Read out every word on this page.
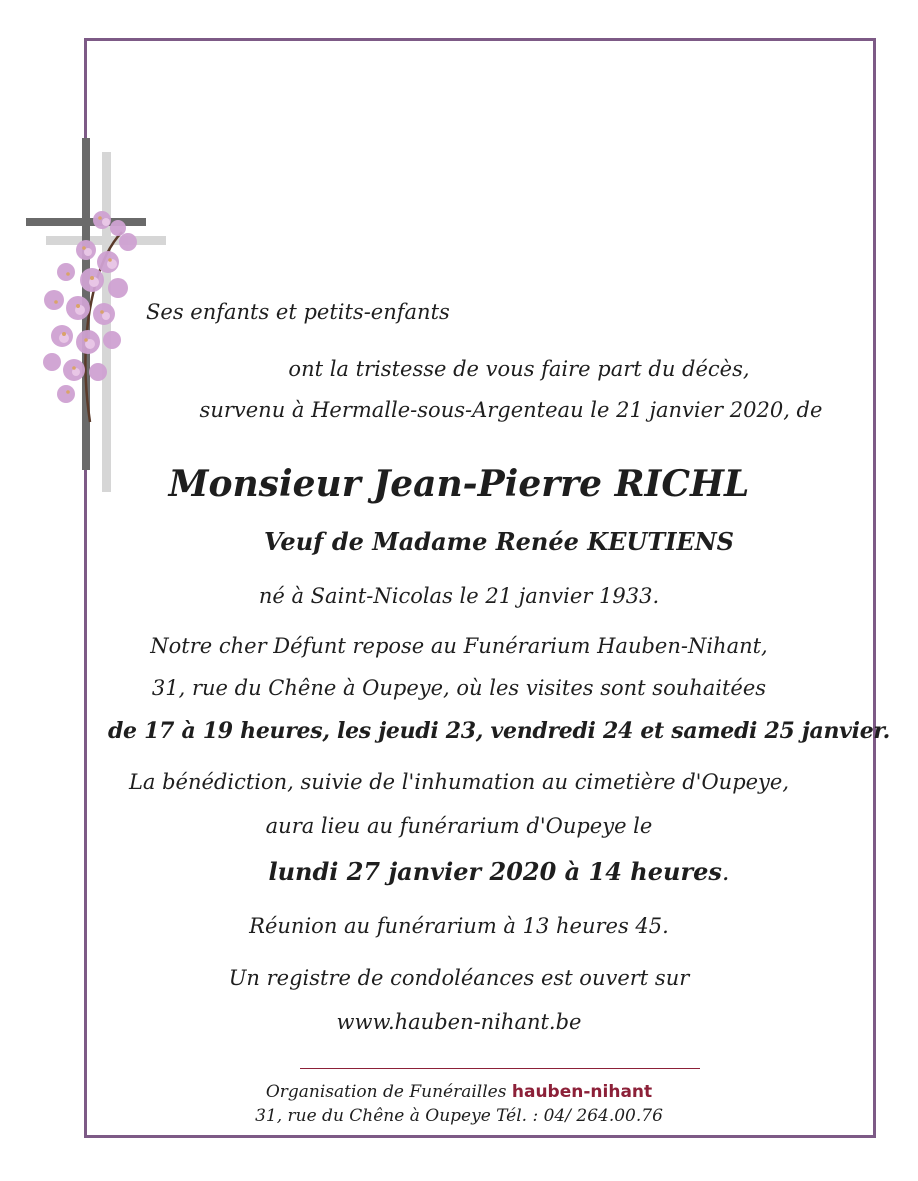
Ses enfants et petits-enfants
ont la tristesse de vous faire part du décès,
survenu à Hermalle-sous-Argenteau le 21 janvier 2020, de
Monsieur Jean-Pierre RICHL
Veuf de Madame Renée KEUTIENS
né à Saint-Nicolas le 21 janvier 1933.
Notre cher Défunt repose au Funérarium Hauben-Nihant,
31, rue du Chêne à Oupeye, où les visites sont souhaitées
de 17 à 19 heures, les jeudi 23, vendredi 24 et samedi 25 janvier.
La bénédiction, suivie de l'inhumation au cimetière d'Oupeye,
aura lieu au funérarium d'Oupeye le
lundi 27 janvier 2020 à 14 heures.
Réunion au funérarium à 13 heures 45.
Un registre de condoléances est ouvert sur
www.hauben-nihant.be
Organisation de Funérailles hauben-nihant
31, rue du Chêne à Oupeye Tél. : 04/ 264.00.76
